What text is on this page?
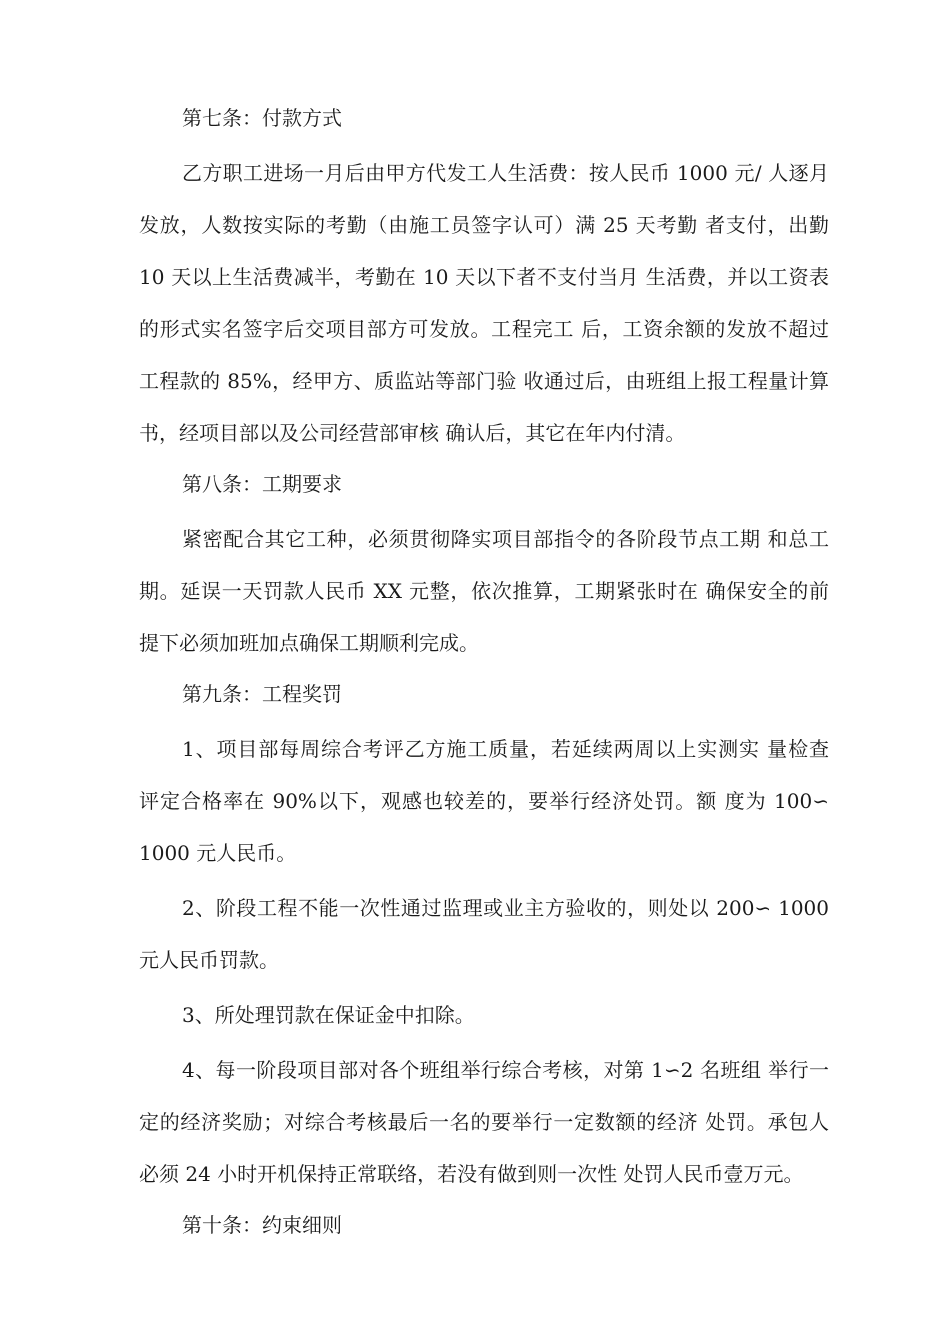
第七条：付款方式
乙方职工进场一月后由甲方代发工人生活费：按人民币 1000 元/ 人逐月
发放，人数按实际的考勤（由施工员签字认可）满 25 天考勤 者支付，出勤
10 天以上生活费减半，考勤在 10 天以下者不支付当月 生活费，并以工资表
的形式实名签字后交项目部方可发放。工程完工 后，工资余额的发放不超过
工程款的 85%，经甲方、质监站等部门验 收通过后，由班组上报工程量计算
书，经项目部以及公司经营部审核 确认后，其它在年内付清。
第八条：工期要求
紧密配合其它工种，必须贯彻降实项目部指令的各阶段节点工期 和总工
期。延误一天罚款人民币 XX 元整，依次推算，工期紧张时在 确保安全的前
提下必须加班加点确保工期顺利完成。
第九条：工程奖罚
1、项目部每周综合考评乙方施工质量，若延续两周以上实测实 量检查
评定合格率在 90%以下，观感也较差的，要举行经济处罚。额 度为 100∽
1000 元人民币。
2、阶段工程不能一次性通过监理或业主方验收的，则处以 200∽ 1000
元人民币罚款。
3、所处理罚款在保证金中扣除。
4、每一阶段项目部对各个班组举行综合考核，对第 1∽2 名班组 举行一
定的经济奖励；对综合考核最后一名的要举行一定数额的经济 处罚。承包人
必须 24 小时开机保持正常联络，若没有做到则一次性 处罚人民币壹万元。
第十条：约束细则
